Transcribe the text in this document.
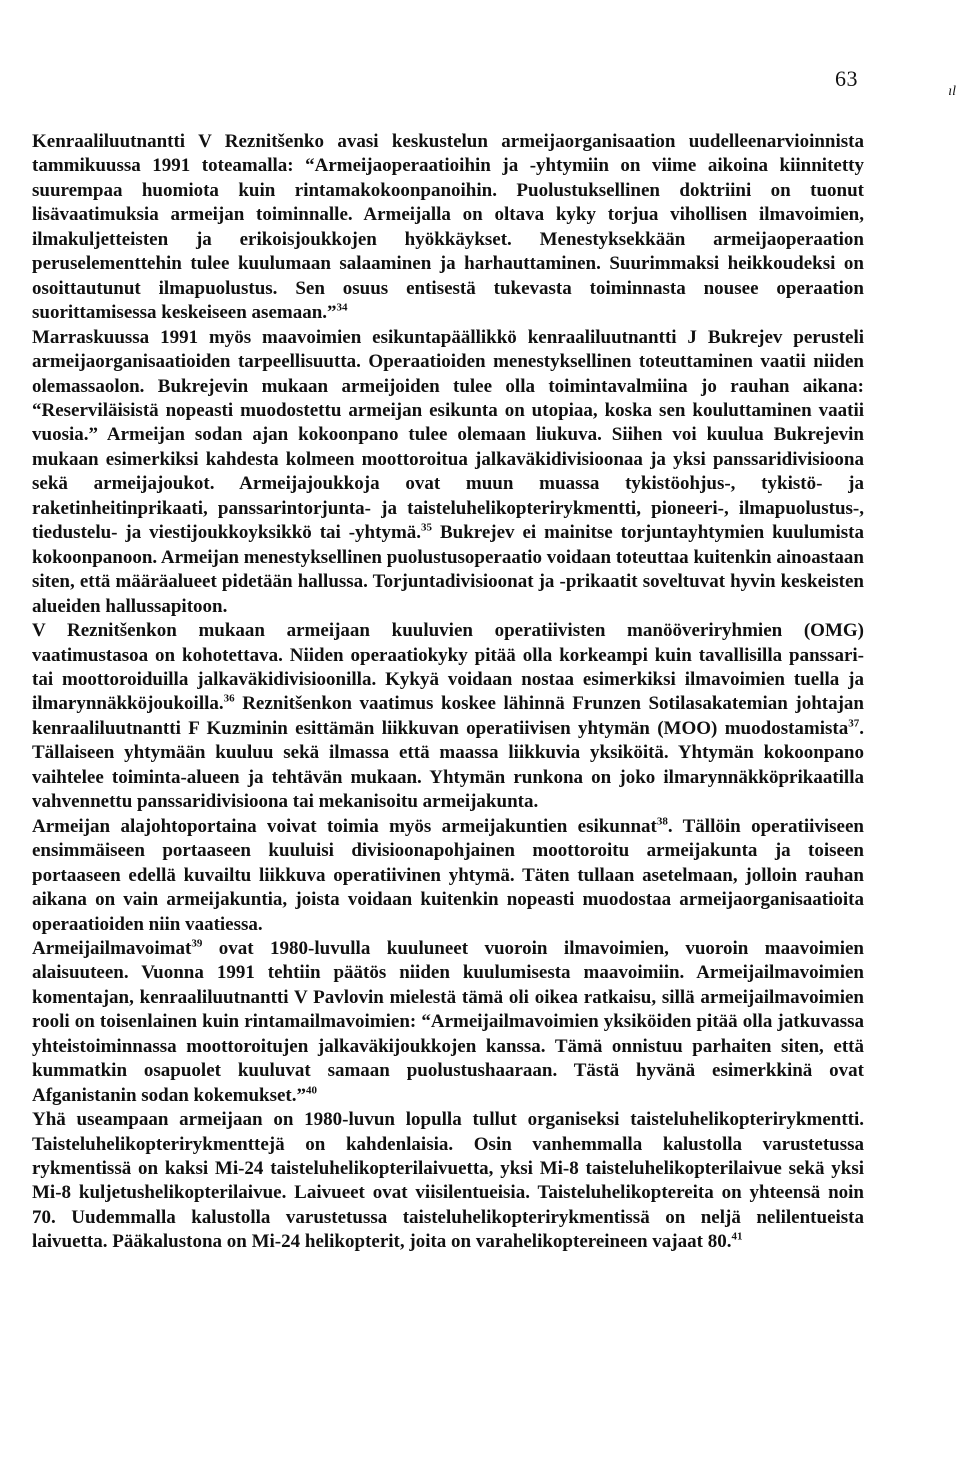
63
ıl

Kenraaliluutnantti V Reznitšenko avasi keskustelun armeijaorganisaation uudelleenarvioinnista tammikuussa 1991 toteamalla: “Armeijaoperaatioihin ja -yhtymiin on viime aikoina kiinnitetty suurempaa huomiota kuin rintamakokoonpanoihin. Puolustuksellinen doktriini on tuonut lisävaatimuksia armeijan toiminnalle. Armeijalla on oltava kyky torjua vihollisen ilmavoimien, ilmakuljetteisten ja erikoisjoukkojen hyökkäykset. Menestyksekkään armeijaoperaation peruselementtehin tulee kuulumaan salaaminen ja harhauttaminen. Suurimmaksi heikkoudeksi on osoittautunut ilmapuolustus. Sen osuus entisestä tukevasta toiminnasta nousee operaation suorittamisessa keskeiseen asemaan.”$^{34}$

Marraskuussa 1991 myös maavoimien esikuntapäällikkö kenraaliluutnantti J Bukrejev perusteli armeijaorganisaatioiden tarpeellisuutta. Operaatioiden menestyksellinen toteuttaminen vaatii niiden olemassaolon. Bukrejevin mukaan armeijoiden tulee olla toimintavalmiina jo rauhan aikana: “Reserviläisistä nopeasti muodostettu armeijan esikunta on utopiaa, koska sen kouluttaminen vaatii vuosia.” Armeijan sodan ajan kokoonpano tulee olemaan liukuva. Siihen voi kuulua Bukrejevin mukaan esimerkiksi kahdesta kolmeen moottoroitua jalkaväkidivisioonaa ja yksi panssaridivisioona sekä armeijajoukot. Armeijajoukkoja ovat muun muassa tykistöohjus-, tykistö- ja raketinheitinprikaati, panssarintorjunta- ja taisteluhelikopterirykmentti, pioneeri-, ilmapuolustus-, tiedustelu- ja viestijoukkoyksikkö tai -yhtymä.$^{35}$ Bukrejev ei mainitse torjuntayhtymien kuulumista kokoonpanoon. Armeijan menestyksellinen puolustusoperaatio voidaan toteuttaa kuitenkin ainoastaan siten, että määräalueet pidetään hallussa. Torjuntadivisioonat ja -prikaatit soveltuvat hyvin keskeisten alueiden hallussapitoon.

V Reznitšenkon mukaan armeijaan kuuluvien operatiivisten manööveriryhmien (OMG) vaatimustasoa on kohotettava. Niiden operaatiokyky pitää olla korkeampi kuin tavallisilla panssari- tai moottoroiduilla jalkaväkidivisioonilla. Kykyä voidaan nostaa esimerkiksi ilmavoimien tuella ja ilmarynnäkköjoukoilla.$^{36}$ Reznitšenkon vaatimus koskee lähinnä Frunzen Sotilasakatemian johtajan kenraaliluutnantti F Kuzminin esittämän liikkuvan operatiivisen yhtymän (MOO) muodostamista$^{37}$. Tällaiseen yhtymään kuuluu sekä ilmassa että maassa liikkuvia yksiköitä. Yhtymän kokoonpano vaihtelee toiminta-alueen ja tehtävän mukaan. Yhtymän runkona on joko ilmarynnäkköprikaatilla vahvennettu panssaridivisioona tai mekanisoitu armeijakunta.

Armeijan alajohtoportaina voivat toimia myös armeijakuntien esikunnat$^{38}$. Tällöin operatiiviseen ensimmäiseen portaaseen kuuluisi divisioonapohjainen moottoroitu armeijakunta ja toiseen portaaseen edellä kuvailtu liikkuva operatiivinen yhtymä. Täten tullaan asetelmaan, jolloin rauhan aikana on vain armeijakuntia, joista voidaan kuitenkin nopeasti muodostaa armeijaorganisaatioita operaatioiden niin vaatiessa.

Armeijailmavoimat$^{39}$ ovat 1980-luvulla kuuluneet vuoroin ilmavoimien, vuoroin maavoimien alaisuuteen. Vuonna 1991 tehtiin päätös niiden kuulumisesta maavoimiin. Armeijailmavoimien komentajan, kenraaliluutnantti V Pavlovin mielestä tämä oli oikea ratkaisu, sillä armeijailmavoimien rooli on toisenlainen kuin rintamailmavoimien: “Armeijailmavoimien yksiköiden pitää olla jatkuvassa yhteistoiminnassa moottoroitujen jalkaväkijoukkojen kanssa. Tämä onnistuu parhaiten siten, että kummatkin osapuolet kuuluvat samaan puolustushaaraan. Tästä hyvänä esimerkkinä ovat Afganistanin sodan kokemukset.”$^{40}$

Yhä useampaan armeijaan on 1980-luvun lopulla tullut organiseksi taisteluhelikopterirykmentti. Taisteluhelikopterirykmenttejä on kahdenlaisia. Osin vanhemmalla kalustolla varustetussa rykmentissä on kaksi Mi-24 taisteluhelikopterilaivuetta, yksi Mi-8 taisteluhelikopterilaivue sekä yksi Mi-8 kuljetushelikopterilaivue. Laivueet ovat viisilentueisia. Taisteluhelikoptereita on yhteensä noin 70. Uudemmalla kalustolla varustetussa taisteluhelikopterirykmentissä on neljä nelilentueista laivuetta. Pääkalustona on Mi-24 helikopterit, joita on varahelikoptereineen vajaat 80.41
